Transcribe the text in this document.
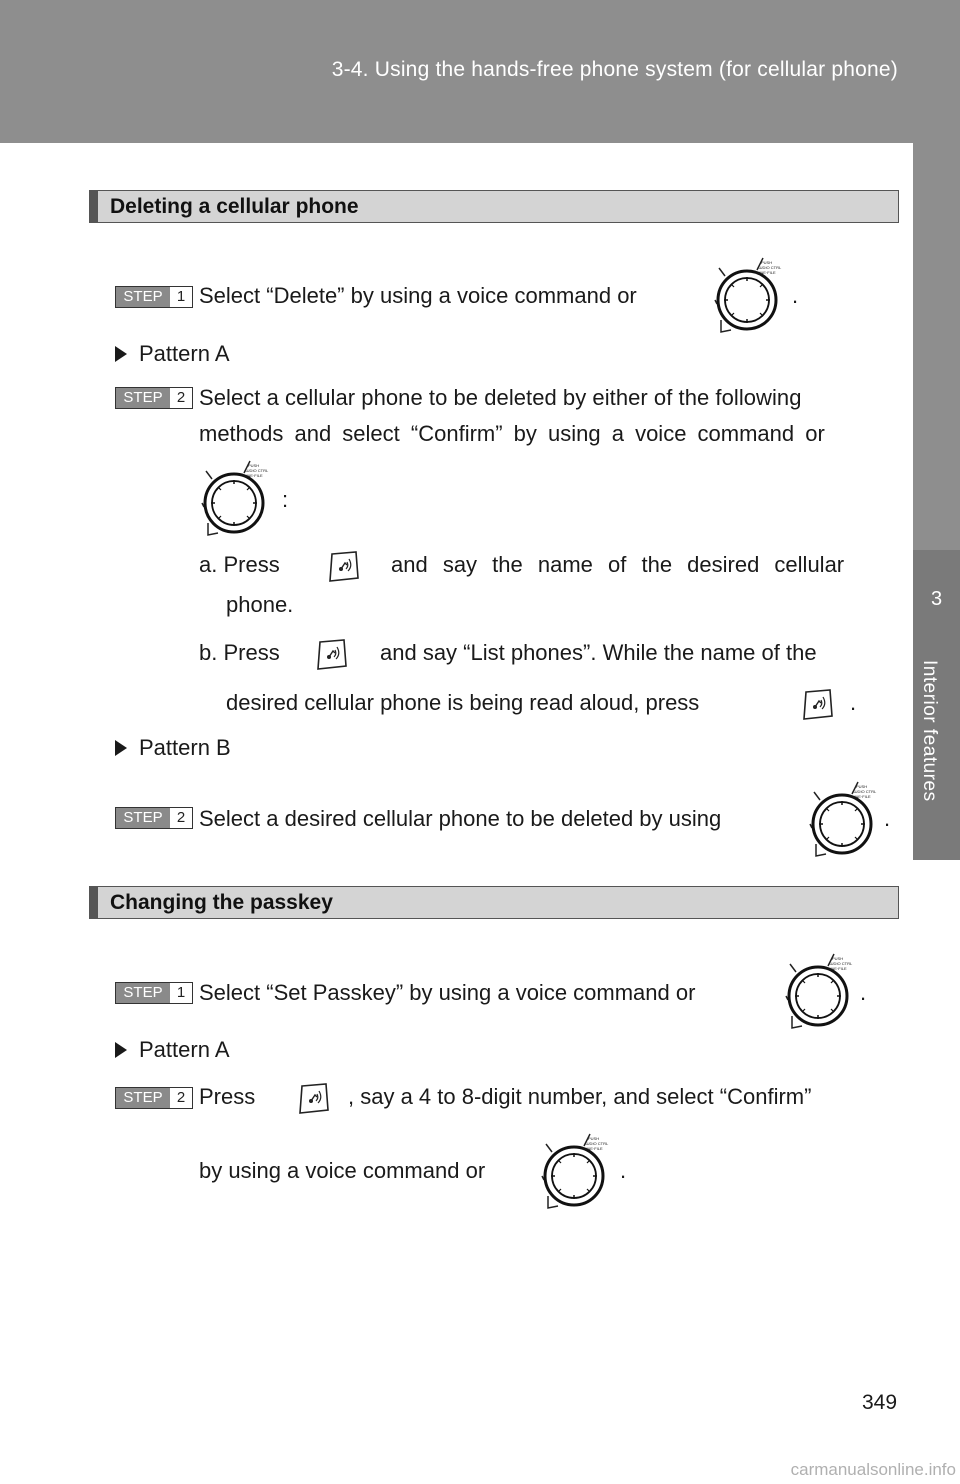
3-4. Using the hands-free phone system (for cellular phone)
3
Interior features
Deleting a cellular phone
STEP 1 Select “Delete” by using a voice command or	.
Pattern A
STEP 2 Select a cellular phone to be deleted by either of the following
methods and select “Confirm” by using a voice command or
:
a. Press	and say the name of the desired cellular
phone.
b. Press	and say “List phones”. While the name of the
desired cellular phone is being read aloud, press	.
Pattern B
STEP 2 Select a desired cellular phone to be deleted by using	.
Changing the passkey
STEP 1 Select “Set Passkey” by using a voice command or	.
Pattern A
STEP 2 Press	, say a 4 to 8-digit number, and select “Confirm”
by using a voice command or	.
349
carmanualsonline.info
